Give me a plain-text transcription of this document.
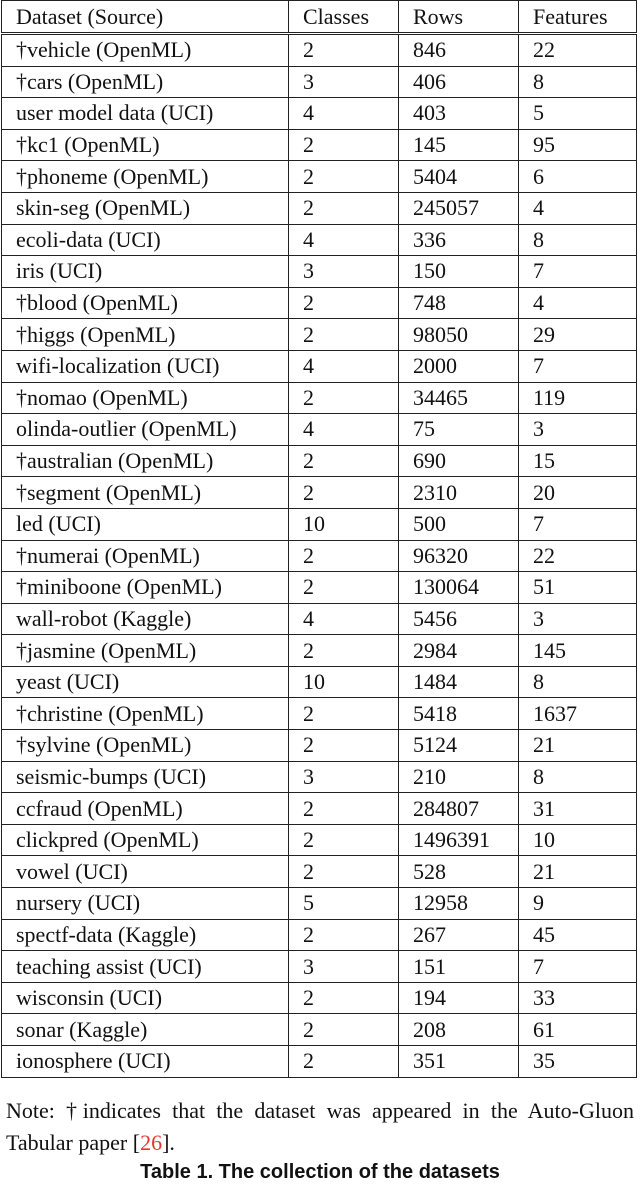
Dataset (Source)	Classes	Rows	Features
†vehicle (OpenML)	2	846	22
†cars (OpenML)	3	406	8
user model data (UCI)	4	403	5
†kc1 (OpenML)	2	145	95
†phoneme (OpenML)	2	5404	6
skin-seg (OpenML)	2	245057	4
ecoli-data (UCI)	4	336	8
iris (UCI)	3	150	7
†blood (OpenML)	2	748	4
†higgs (OpenML)	2	98050	29
wifi-localization (UCI)	4	2000	7
†nomao (OpenML)	2	34465	119
olinda-outlier (OpenML)	4	75	3
†australian (OpenML)	2	690	15
†segment (OpenML)	2	2310	20
led (UCI)	10	500	7
†numerai (OpenML)	2	96320	22
†miniboone (OpenML)	2	130064	51
wall-robot (Kaggle)	4	5456	3
†jasmine (OpenML)	2	2984	145
yeast (UCI)	10	1484	8
†christine (OpenML)	2	5418	1637
†sylvine (OpenML)	2	5124	21
seismic-bumps (UCI)	3	210	8
ccfraud (OpenML)	2	284807	31
clickpred (OpenML)	2	1496391	10
vowel (UCI)	2	528	21
nursery (UCI)	5	12958	9
spectf-data (Kaggle)	2	267	45
teaching assist (UCI)	3	151	7
wisconsin (UCI)	2	194	33
sonar (Kaggle)	2	208	61
ionosphere (UCI)	2	351	35
Note: †indicates that the dataset was appeared in the Auto-Gluon Tabular paper [26].
Table 1. The collection of the datasets
